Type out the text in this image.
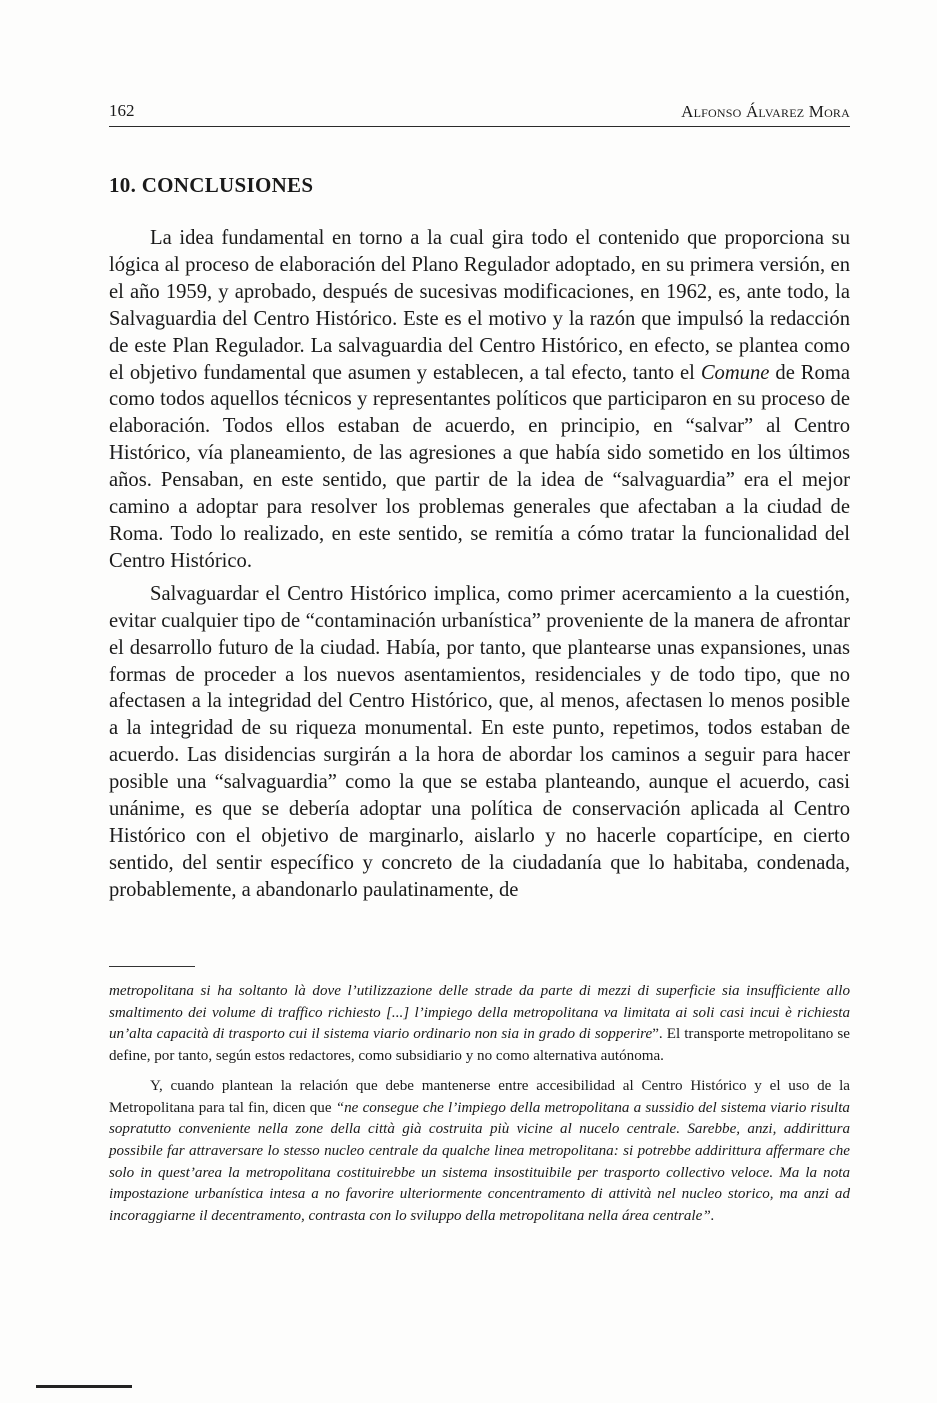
162	Alfonso Álvarez Mora
10. CONCLUSIONES

La idea fundamental en torno a la cual gira todo el contenido que proporciona su lógica al proceso de elaboración del Plano Regulador adoptado, en su primera versión, en el año 1959, y aprobado, después de sucesivas modificaciones, en 1962, es, ante todo, la Salvaguardia del Centro Histórico. Este es el motivo y la razón que impulsó la redacción de este Plan Regulador. La salvaguardia del Centro Histórico, en efecto, se plantea como el objetivo fundamental que asumen y establecen, a tal efecto, tanto el Comune de Roma como todos aquellos técnicos y representantes políticos que participaron en su proceso de elaboración. Todos ellos estaban de acuerdo, en principio, en “salvar” al Centro Histórico, vía planeamiento, de las agresiones a que había sido sometido en los últimos años. Pensaban, en este sentido, que partir de la idea de “salvaguardia” era el mejor camino a adoptar para resolver los problemas generales que afectaban a la ciudad de Roma. Todo lo realizado, en este sentido, se remitía a cómo tratar la funcionalidad del Centro Histórico.

Salvaguardar el Centro Histórico implica, como primer acercamiento a la cuestión, evitar cualquier tipo de “contaminación urbanística” proveniente de la manera de afrontar el desarrollo futuro de la ciudad. Había, por tanto, que plantearse unas expansiones, unas formas de proceder a los nuevos asentamientos, residenciales y de todo tipo, que no afectasen a la integridad del Centro Histórico, que, al menos, afectasen lo menos posible a la integridad de su riqueza monumental. En este punto, repetimos, todos estaban de acuerdo. Las disidencias surgirán a la hora de abordar los caminos a seguir para hacer posible una “salvaguardia” como la que se estaba planteando, aunque el acuerdo, casi unánime, es que se debería adoptar una política de conservación aplicada al Centro Histórico con el objetivo de marginarlo, aislarlo y no hacerle copartícipe, en cierto sentido, del sentir específico y concreto de la ciudadanía que lo habitaba, condenada, probablemente, a abandonarlo paulatinamente, de

metropolitana si ha soltanto là dove l’utilizzazione delle strade da parte di mezzi di superficie sia insufficiente allo smaltimento dei volume di traffico richiesto [...] l’impiego della metropolitana va limitata ai soli casi incui è richiesta un’alta capacità di trasporto cui il sistema viario ordinario non sia in grado di sopperire”. El transporte metropolitano se define, por tanto, según estos redactores, como subsidiario y no como alternativa autónoma.

Y, cuando plantean la relación que debe mantenerse entre accesibilidad al Centro Histórico y el uso de la Metropolitana para tal fin, dicen que “ne consegue che l’impiego della metropolitana a sussidio del sistema viario risulta sopratutto conveniente nella zone della città già costruita più vicine al nucelo centrale. Sarebbe, anzi, addirittura possibile far attraversare lo stesso nucleo centrale da qualche linea metropolitana: si potrebbe addirittura affermare che solo in quest’area la metropolitana costituirebbe un sistema insostituibile per trasporto collectivo veloce. Ma la nota impostazione urbanística intesa a no favorire ulteriormente concentramento di attività nel nucleo storico, ma anzi ad incoraggiarne il decentramento, contrasta con lo sviluppo della metropolitana nella área centrale”.
